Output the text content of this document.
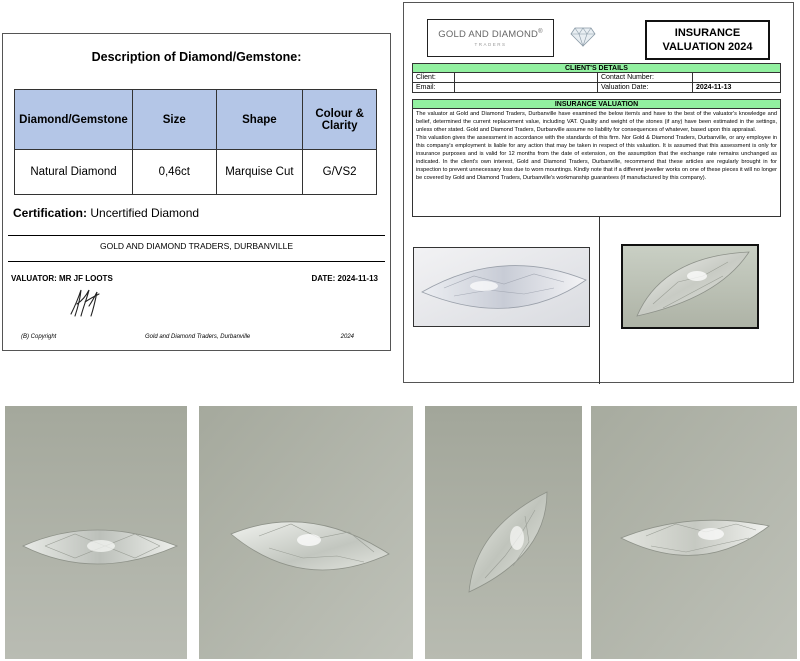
Description of Diamond/Gemstone:
Diamond/Gemstone	Size	Shape	Colour &
Clarity
Natural Diamond	0,46ct	Marquise Cut	G/VS2
Certification: Uncertified Diamond
GOLD AND DIAMOND TRADERS, DURBANVILLE
VALUATOR: MR JF LOOTS	DATE: 2024-11-13
(B) Copyright	Gold and Diamond Traders, Durbanville	2024
GOLD AND DIAMOND®
TRADERS
INSURANCE
VALUATION 2024
CLIENT'S DETAILS
Client:		Contact Number:	
Email:		Valuation Date:	2024-11-13
INSURANCE VALUATION

The valuator at Gold and Diamond Traders, Durbanville have examined the below item/s and have to the best of the valuator's knowledge and belief, determined the current replacement value, including VAT. Quality and weight of the stones (if any) have been estimated in the settings, unless other stated. Gold and Diamond Traders, Durbanville assume no liability for consequences of whatever, based upon this appraisal.

This valuation gives the assessment in accordance with the standards of this firm. Nor Gold & Diamond Traders, Durbanville, or any employee in this company's employment is liable for any action that may be taken in respect of this valuation. It is assumed that this assessment is only for insurance purposes and is valid for 12 months from the date of extension, on the assumption that the exchange rate remains unchanged as indicated. In the client's own interest, Gold and Diamond Traders, Durbanville, recommend that these articles are regularly brought in for inspection to prevent unnecessary loss due to worn mountings. Kindly note that if a different jeweller works on one of these pieces it will no longer be covered by Gold and Diamond Traders, Durbanville's workmanship guarantees (if manufactured by this company).
